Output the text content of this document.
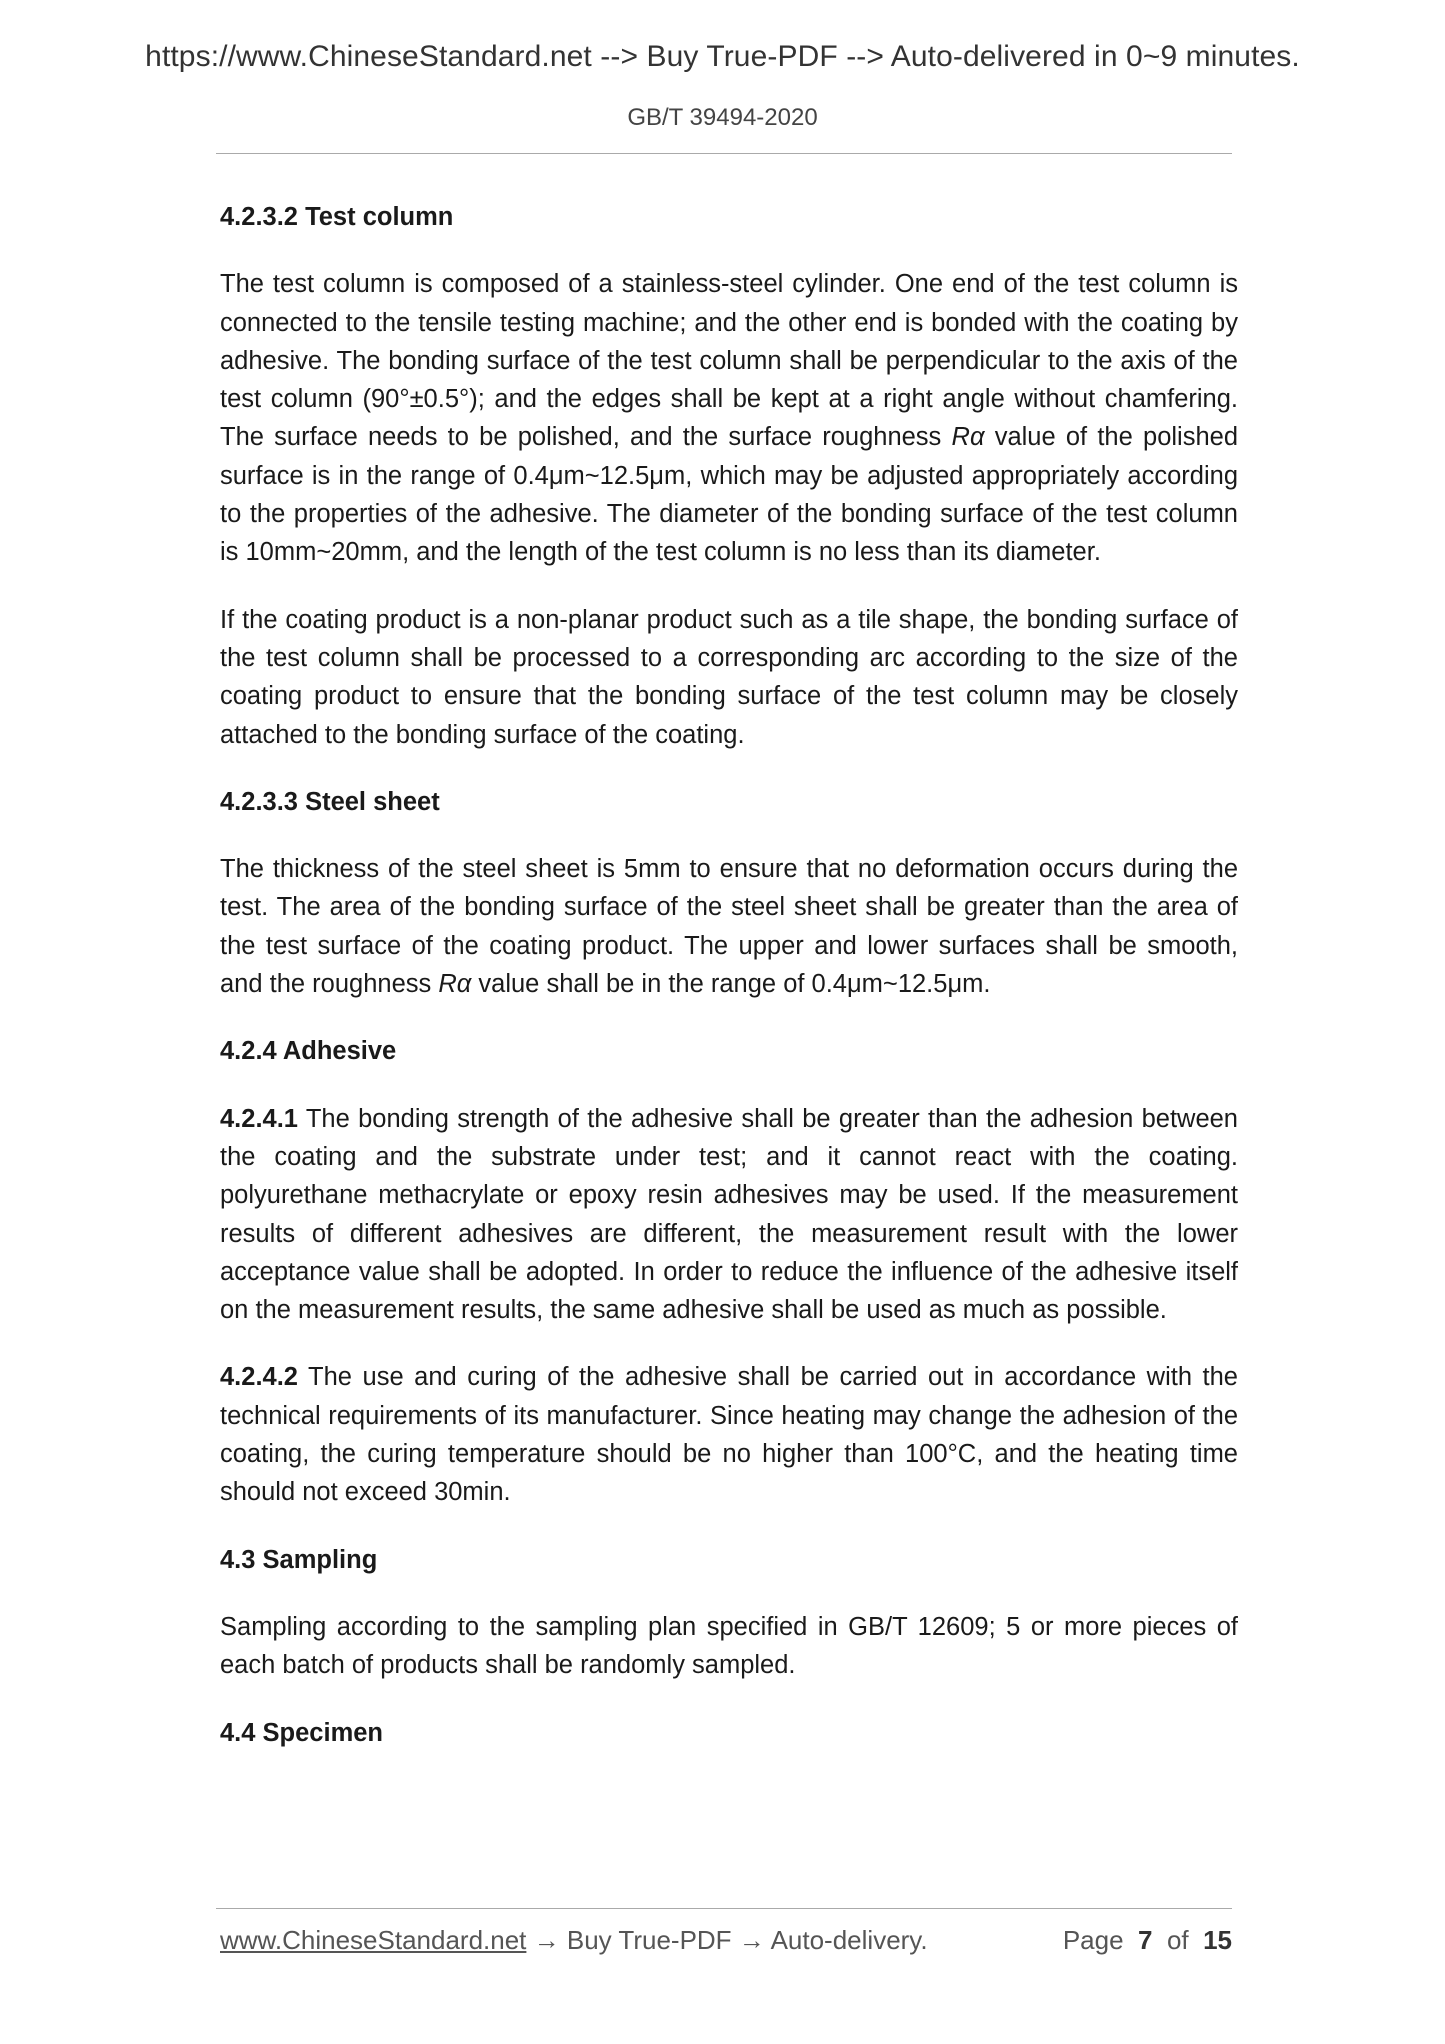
https://www.ChineseStandard.net --> Buy True-PDF --> Auto-delivered in 0~9 minutes.
GB/T 39494-2020
4.2.3.2 Test column
The test column is composed of a stainless-steel cylinder. One end of the test column is connected to the tensile testing machine; and the other end is bonded with the coating by adhesive. The bonding surface of the test column shall be perpendicular to the axis of the test column (90°±0.5°); and the edges shall be kept at a right angle without chamfering. The surface needs to be polished, and the surface roughness Rα value of the polished surface is in the range of 0.4μm~12.5μm, which may be adjusted appropriately according to the properties of the adhesive. The diameter of the bonding surface of the test column is 10mm~20mm, and the length of the test column is no less than its diameter.
If the coating product is a non-planar product such as a tile shape, the bonding surface of the test column shall be processed to a corresponding arc according to the size of the coating product to ensure that the bonding surface of the test column may be closely attached to the bonding surface of the coating.
4.2.3.3 Steel sheet
The thickness of the steel sheet is 5mm to ensure that no deformation occurs during the test. The area of the bonding surface of the steel sheet shall be greater than the area of the test surface of the coating product. The upper and lower surfaces shall be smooth, and the roughness Rα value shall be in the range of 0.4μm~12.5μm.
4.2.4 Adhesive
4.2.4.1 The bonding strength of the adhesive shall be greater than the adhesion between the coating and the substrate under test; and it cannot react with the coating. polyurethane methacrylate or epoxy resin adhesives may be used. If the measurement results of different adhesives are different, the measurement result with the lower acceptance value shall be adopted. In order to reduce the influence of the adhesive itself on the measurement results, the same adhesive shall be used as much as possible.
4.2.4.2 The use and curing of the adhesive shall be carried out in accordance with the technical requirements of its manufacturer. Since heating may change the adhesion of the coating, the curing temperature should be no higher than 100°C, and the heating time should not exceed 30min.
4.3 Sampling
Sampling according to the sampling plan specified in GB/T 12609; 5 or more pieces of each batch of products shall be randomly sampled.
4.4 Specimen
www.ChineseStandard.net → Buy True-PDF → Auto-delivery.	Page 7 of 15
